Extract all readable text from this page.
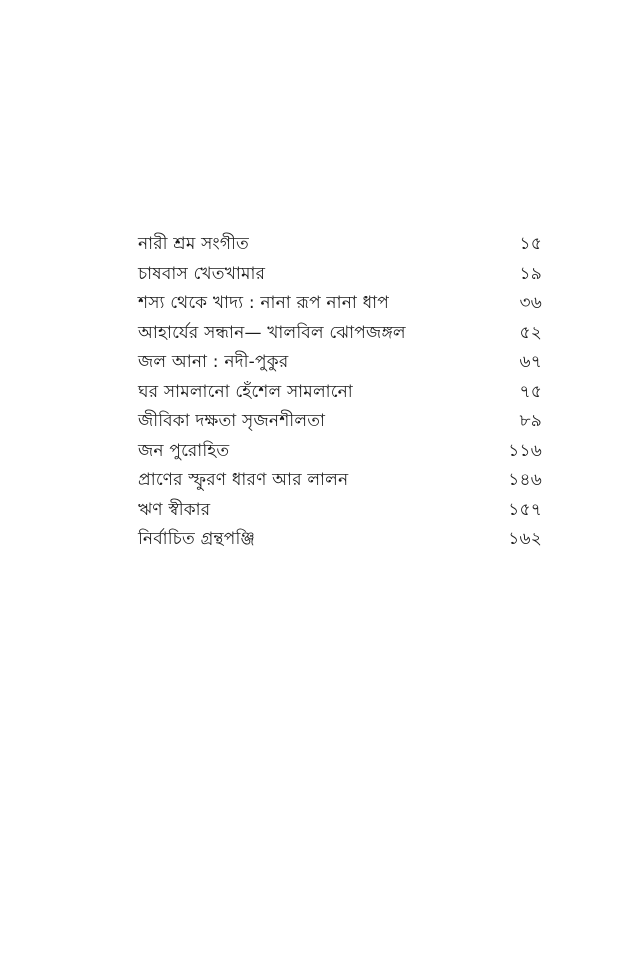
নারী শ্রম সংগীত	১৫
চাষবাস খেতখামার	১৯
শস্য থেকে খাদ্য : নানা রূপ নানা ধাপ	৩৬
আহার্যের সন্ধান— খালবিল ঝোপজঙ্গল	৫২
জল আনা : নদী-পুকুর	৬৭
ঘর সামলানো হেঁশেল সামলানো	৭৫
জীবিকা দক্ষতা সৃজনশীলতা	৮৯
জন পুরোহিত	১১৬
প্রাণের স্ফুরণ ধারণ আর লালন	১৪৬
ঋণ স্বীকার	১৫৭
নির্বাচিত গ্রন্থপঞ্জি	১৬২
